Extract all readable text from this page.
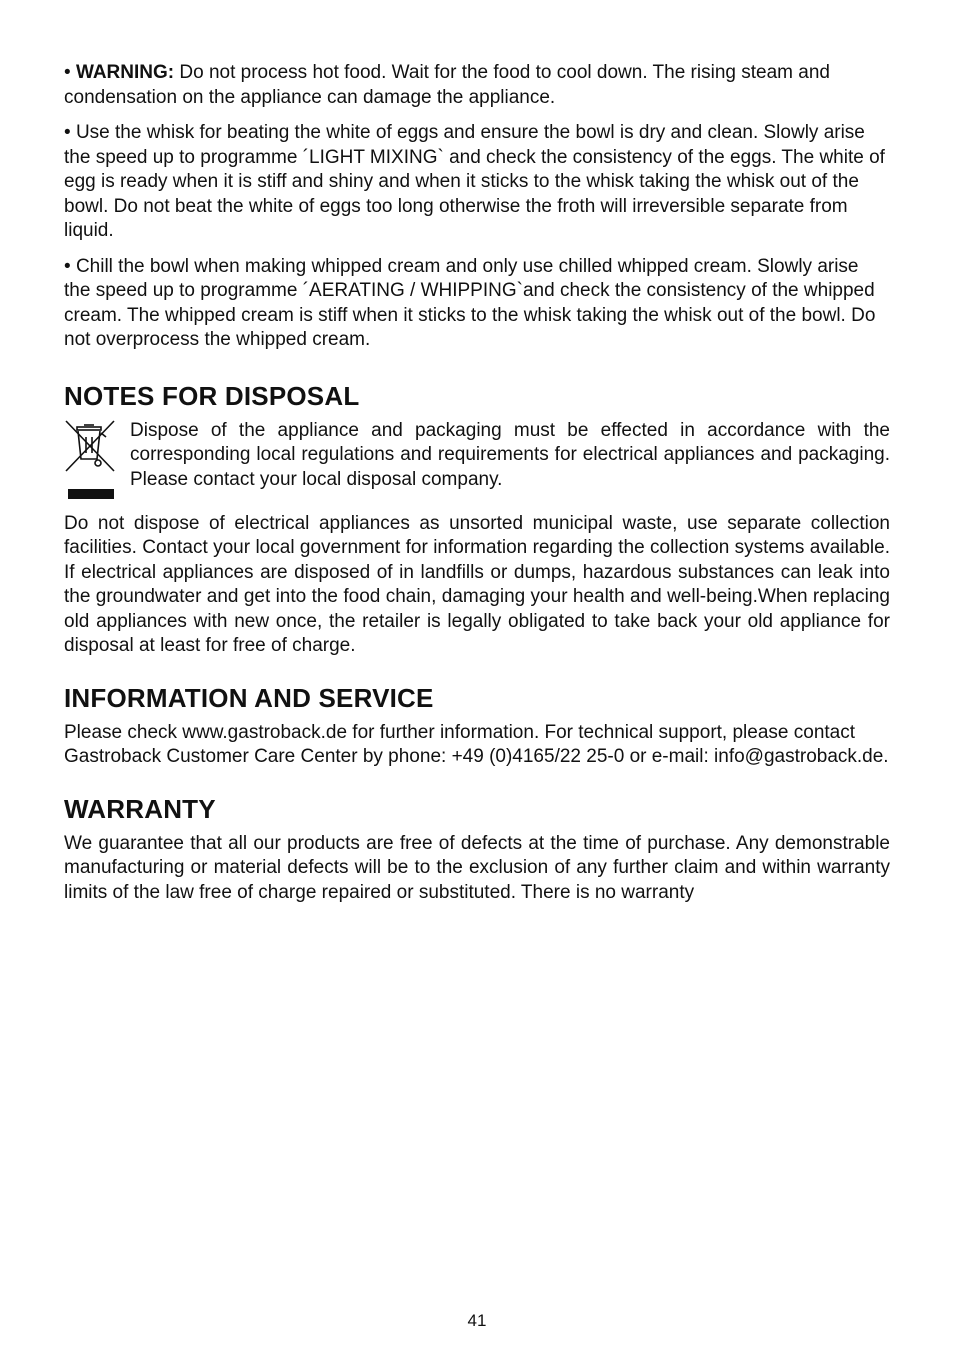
• WARNING: Do not process hot food. Wait for the food to cool down. The rising steam and condensation on the appliance can damage the appliance.

• Use the whisk for beating the white of eggs and ensure the bowl is dry and clean. Slowly arise the speed up to programme ´LIGHT MIXING` and check the consistency of the eggs. The white of egg is ready when it is stiff and shiny and when it sticks to the whisk taking the whisk out of the bowl. Do not beat the white of eggs too long otherwise the froth will irreversible separate from liquid.

• Chill the bowl when making whipped cream and only use chilled whipped cream. Slowly arise the speed up to programme ´AERATING / WHIPPING`and check the consistency of the whipped cream. The whipped cream is stiff when it sticks to the whisk taking the whisk out of the bowl. Do not overprocess the whipped cream.

NOTES FOR DISPOSAL

Dispose of the appliance and packaging must be effected in accordance with the corresponding local regulations and requirements for electrical appliances and packaging. Please contact your local disposal company.

Do not dispose of electrical appliances as unsorted municipal waste, use separate collection facilities. Contact your local government for information regarding the collection systems available. If electrical appliances are disposed of in landfills or dumps, hazardous substances can leak into the groundwater and get into the food chain, damaging your health and well-being.When replacing old appliances with new once, the retailer is legally obligated to take back your old appliance for disposal at least for free of charge.

INFORMATION AND SERVICE

Please check www.gastroback.de for further information. For technical support, please contact Gastroback Customer Care Center by phone: +49 (0)4165/22 25-0 or e-mail: info@gastroback.de.

WARRANTY

We guarantee that all our products are free of defects at the time of purchase. Any demonstrable manufacturing or material defects will be to the exclusion of any further claim and within warranty limits of the law free of charge repaired or substituted. There is no warranty

41
